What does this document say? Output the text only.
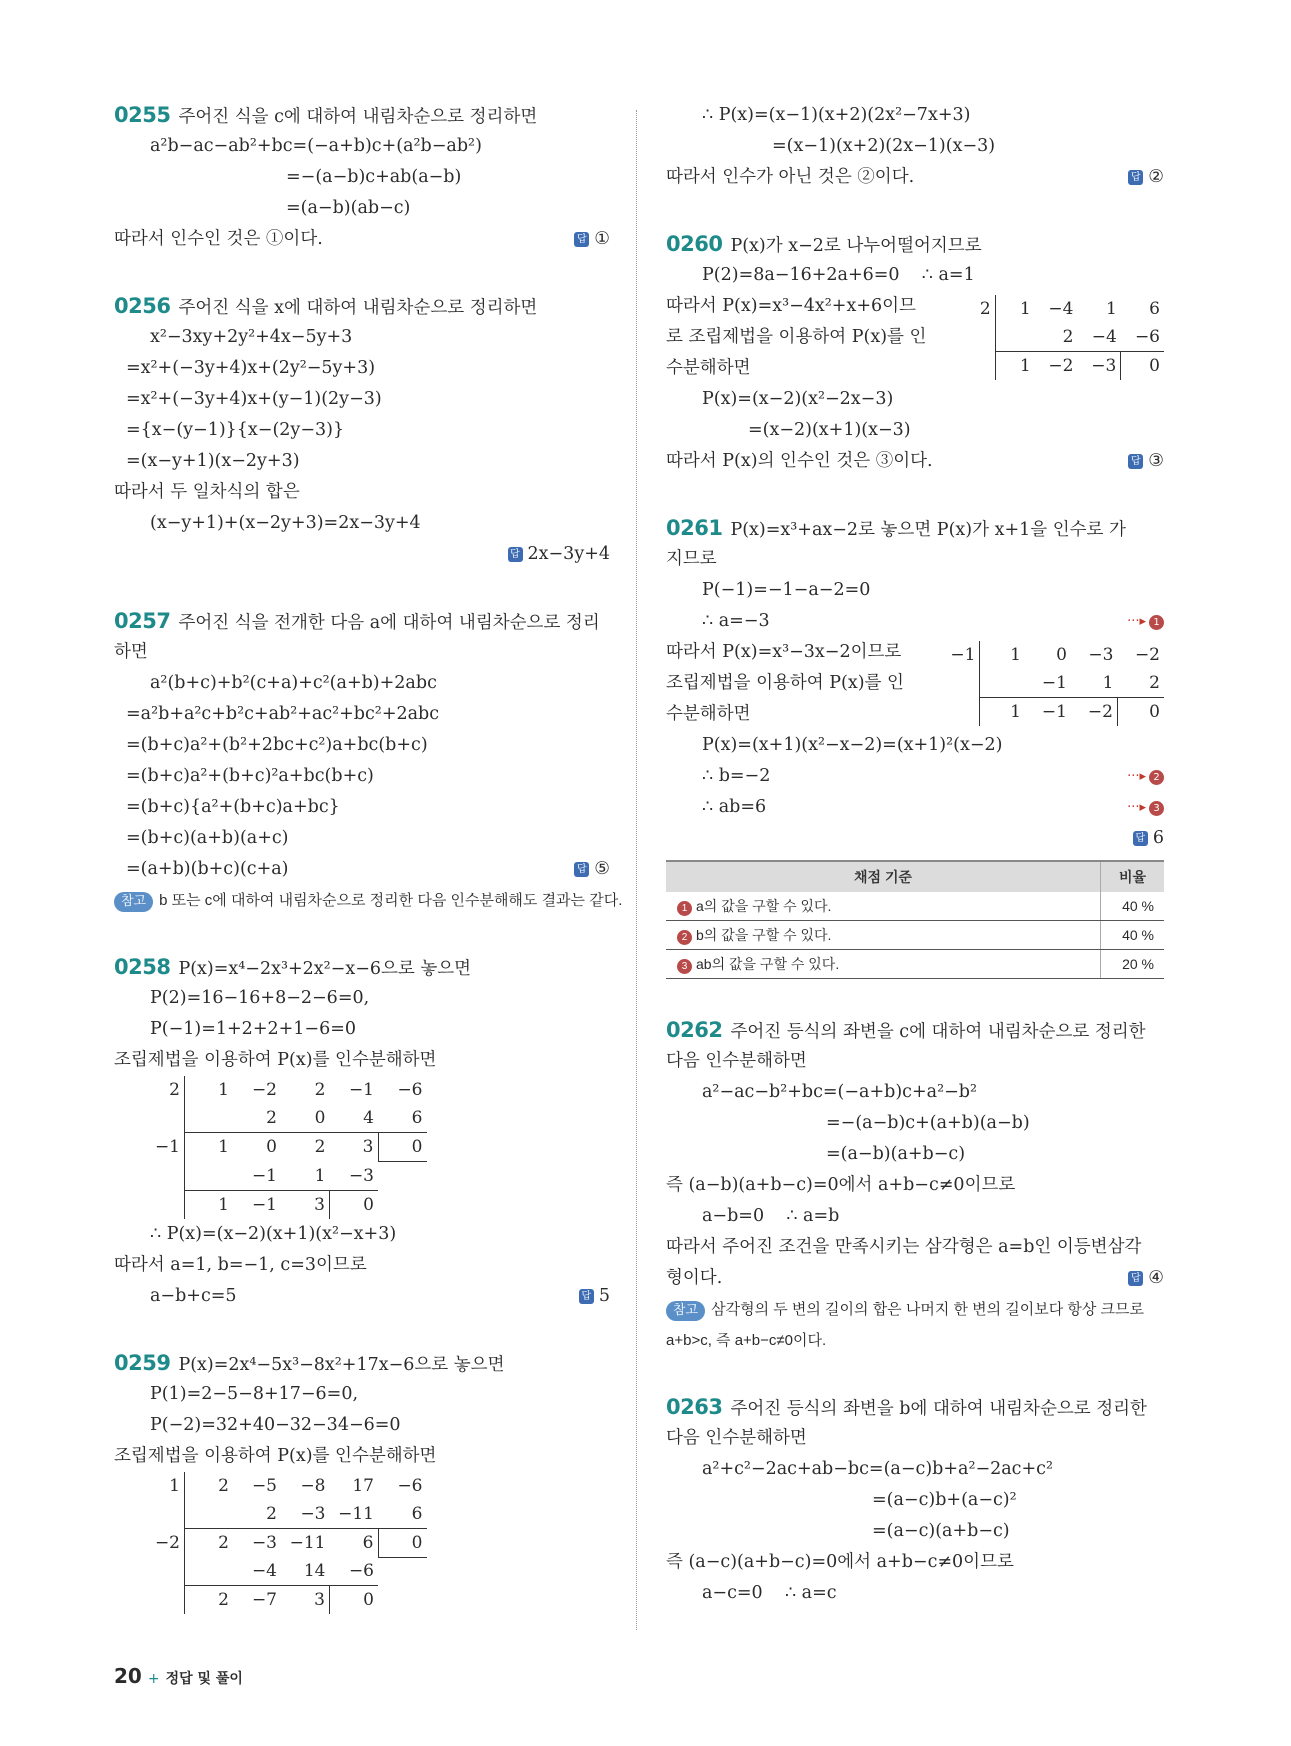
0255 주어진 식을 c에 대하여 내림차순으로 정리하면
a²b−ac−ab²+bc=(−a+b)c+(a²b−ab²)
=−(a−b)c+ab(a−b)
=(a−b)(ab−c)
따라서 인수인 것은 ①이다.	답 ①
0256 주어진 식을 x에 대하여 내림차순으로 정리하면
x²−3xy+2y²+4x−5y+3
=x²+(−3y+4)x+(2y²−5y+3)
=x²+(−3y+4)x+(y−1)(2y−3)
={x−(y−1)}{x−(2y−3)}
=(x−y+1)(x−2y+3)
따라서 두 일차식의 합은
(x−y+1)+(x−2y+3)=2x−3y+4
답 2x−3y+4
0257 주어진 식을 전개한 다음 a에 대하여 내림차순으로 정리
하면
a²(b+c)+b²(c+a)+c²(a+b)+2abc
=a²b+a²c+b²c+ab²+ac²+bc²+2abc
=(b+c)a²+(b²+2bc+c²)a+bc(b+c)
=(b+c)a²+(b+c)²a+bc(b+c)
=(b+c){a²+(b+c)a+bc}
=(b+c)(a+b)(a+c)
=(a+b)(b+c)(c+a)	답 ⑤
참고 b 또는 c에 대하여 내림차순으로 정리한 다음 인수분해해도 결과는 같다.
0258 P(x)=x⁴−2x³+2x²−x−6으로 놓으면
P(2)=16−16+8−2−6=0,
P(−1)=1+2+2+1−6=0
조립제법을 이용하여 P(x)를 인수분해하면
2	1	−2	2	−1	−6
		2	0	4	6
−1	1	0	2	3	0
		−1	1	−3	
	1	−1	3	0	
∴ P(x)=(x−2)(x+1)(x²−x+3)
따라서 a=1, b=−1, c=3이므로
a−b+c=5	답 5
0259 P(x)=2x⁴−5x³−8x²+17x−6으로 놓으면
P(1)=2−5−8+17−6=0,
P(−2)=32+40−32−34−6=0
조립제법을 이용하여 P(x)를 인수분해하면
1	2	−5	−8	17	−6
		2	−3	−11	6
−2	2	−3	−11	6	0
		−4	14	−6	
	2	−7	3	0	
∴ P(x)=(x−1)(x+2)(2x²−7x+3)
=(x−1)(x+2)(2x−1)(x−3)
따라서 인수가 아닌 것은 ②이다.	답 ②
0260 P(x)가 x−2로 나누어떨어지므로
P(2)=8a−16+2a+6=0    ∴ a=1
따라서 P(x)=x³−4x²+x+6이므
로 조립제법을 이용하여 P(x)를 인
수분해하면
2	1	−4	1	6
		2	−4	−6
	1	−2	−3	0
P(x)=(x−2)(x²−2x−3)
=(x−2)(x+1)(x−3)
따라서 P(x)의 인수인 것은 ③이다.	답 ③
0261 P(x)=x³+ax−2로 놓으면 P(x)가 x+1을 인수로 가
지므로
P(−1)=−1−a−2=0
∴ a=−3	···▸ 1
따라서 P(x)=x³−3x−2이므로
조립제법을 이용하여 P(x)를 인
수분해하면
−1	1	0	−3	−2
		−1	1	2
	1	−1	−2	0
P(x)=(x+1)(x²−x−2)=(x+1)²(x−2)
∴ b=−2	···▸ 2
∴ ab=6	···▸ 3
답 6
채점 기준	비율
1 a의 값을 구할 수 있다.	40 %
2 b의 값을 구할 수 있다.	40 %
3 ab의 값을 구할 수 있다.	20 %
0262 주어진 등식의 좌변을 c에 대하여 내림차순으로 정리한
다음 인수분해하면
a²−ac−b²+bc=(−a+b)c+a²−b²
=−(a−b)c+(a+b)(a−b)
=(a−b)(a+b−c)
즉 (a−b)(a+b−c)=0에서 a+b−c≠0이므로
a−b=0    ∴ a=b
따라서 주어진 조건을 만족시키는 삼각형은 a=b인 이등변삼각
형이다.	답 ④
참고 삼각형의 두 변의 길이의 합은 나머지 한 변의 길이보다 항상 크므로
a+b>c, 즉 a+b−c≠0이다.
0263 주어진 등식의 좌변을 b에 대하여 내림차순으로 정리한
다음 인수분해하면
a²+c²−2ac+ab−bc=(a−c)b+a²−2ac+c²
=(a−c)b+(a−c)²
=(a−c)(a+b−c)
즉 (a−c)(a+b−c)=0에서 a+b−c≠0이므로
a−c=0    ∴ a=c
20 + 정답 및 풀이
